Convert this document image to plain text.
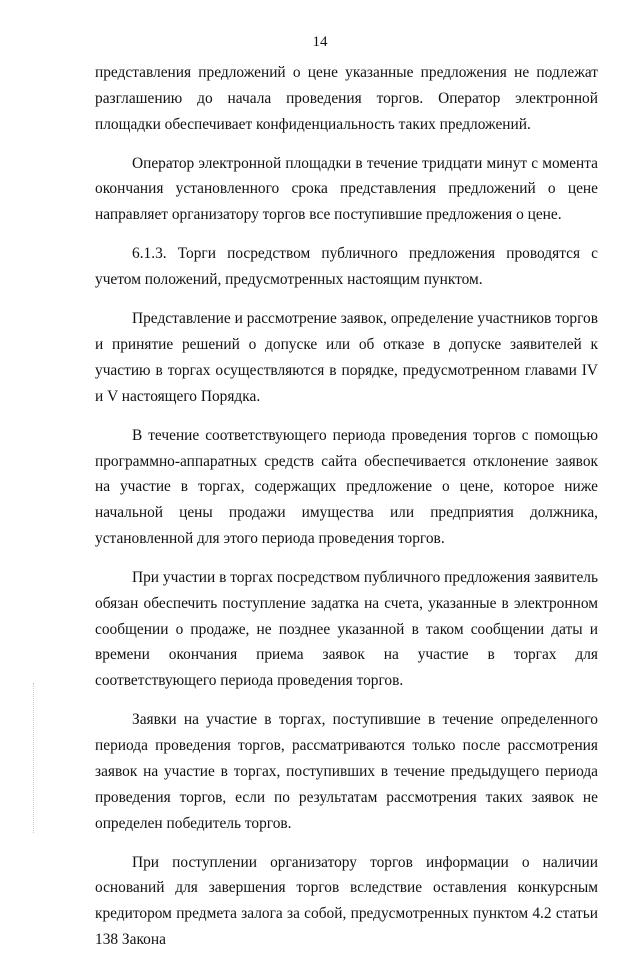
14

представления предложений о цене указанные предложения не подлежат разглашению до начала проведения торгов. Оператор электронной площадки обеспечивает конфиденциальность таких предложений.

Оператор электронной площадки в течение тридцати минут с момента окончания установленного срока представления предложений о цене направляет организатору торгов все поступившие предложения о цене.

6.1.3. Торги посредством публичного предложения проводятся с учетом положений, предусмотренных настоящим пунктом.

Представление и рассмотрение заявок, определение участников торгов и принятие решений о допуске или об отказе в допуске заявителей к участию в торгах осуществляются в порядке, предусмотренном главами IV и V настоящего Порядка.

В течение соответствующего периода проведения торгов с помощью программно-аппаратных средств сайта обеспечивается отклонение заявок на участие в торгах, содержащих предложение о цене, которое ниже начальной цены продажи имущества или предприятия должника, установленной для этого периода проведения торгов.

При участии в торгах посредством публичного предложения заявитель обязан обеспечить поступление задатка на счета, указанные в электронном сообщении о продаже, не позднее указанной в таком сообщении даты и времени окончания приема заявок на участие в торгах для соответствующего периода проведения торгов.

Заявки на участие в торгах, поступившие в течение определенного периода проведения торгов, рассматриваются только после рассмотрения заявок на участие в торгах, поступивших в течение предыдущего периода проведения торгов, если по результатам рассмотрения таких заявок не определен победитель торгов.

При поступлении организатору торгов информации о наличии оснований для завершения торгов вследствие оставления конкурсным кредитором предмета залога за собой, предусмотренных пунктом 4.2 статьи 138 Закона
